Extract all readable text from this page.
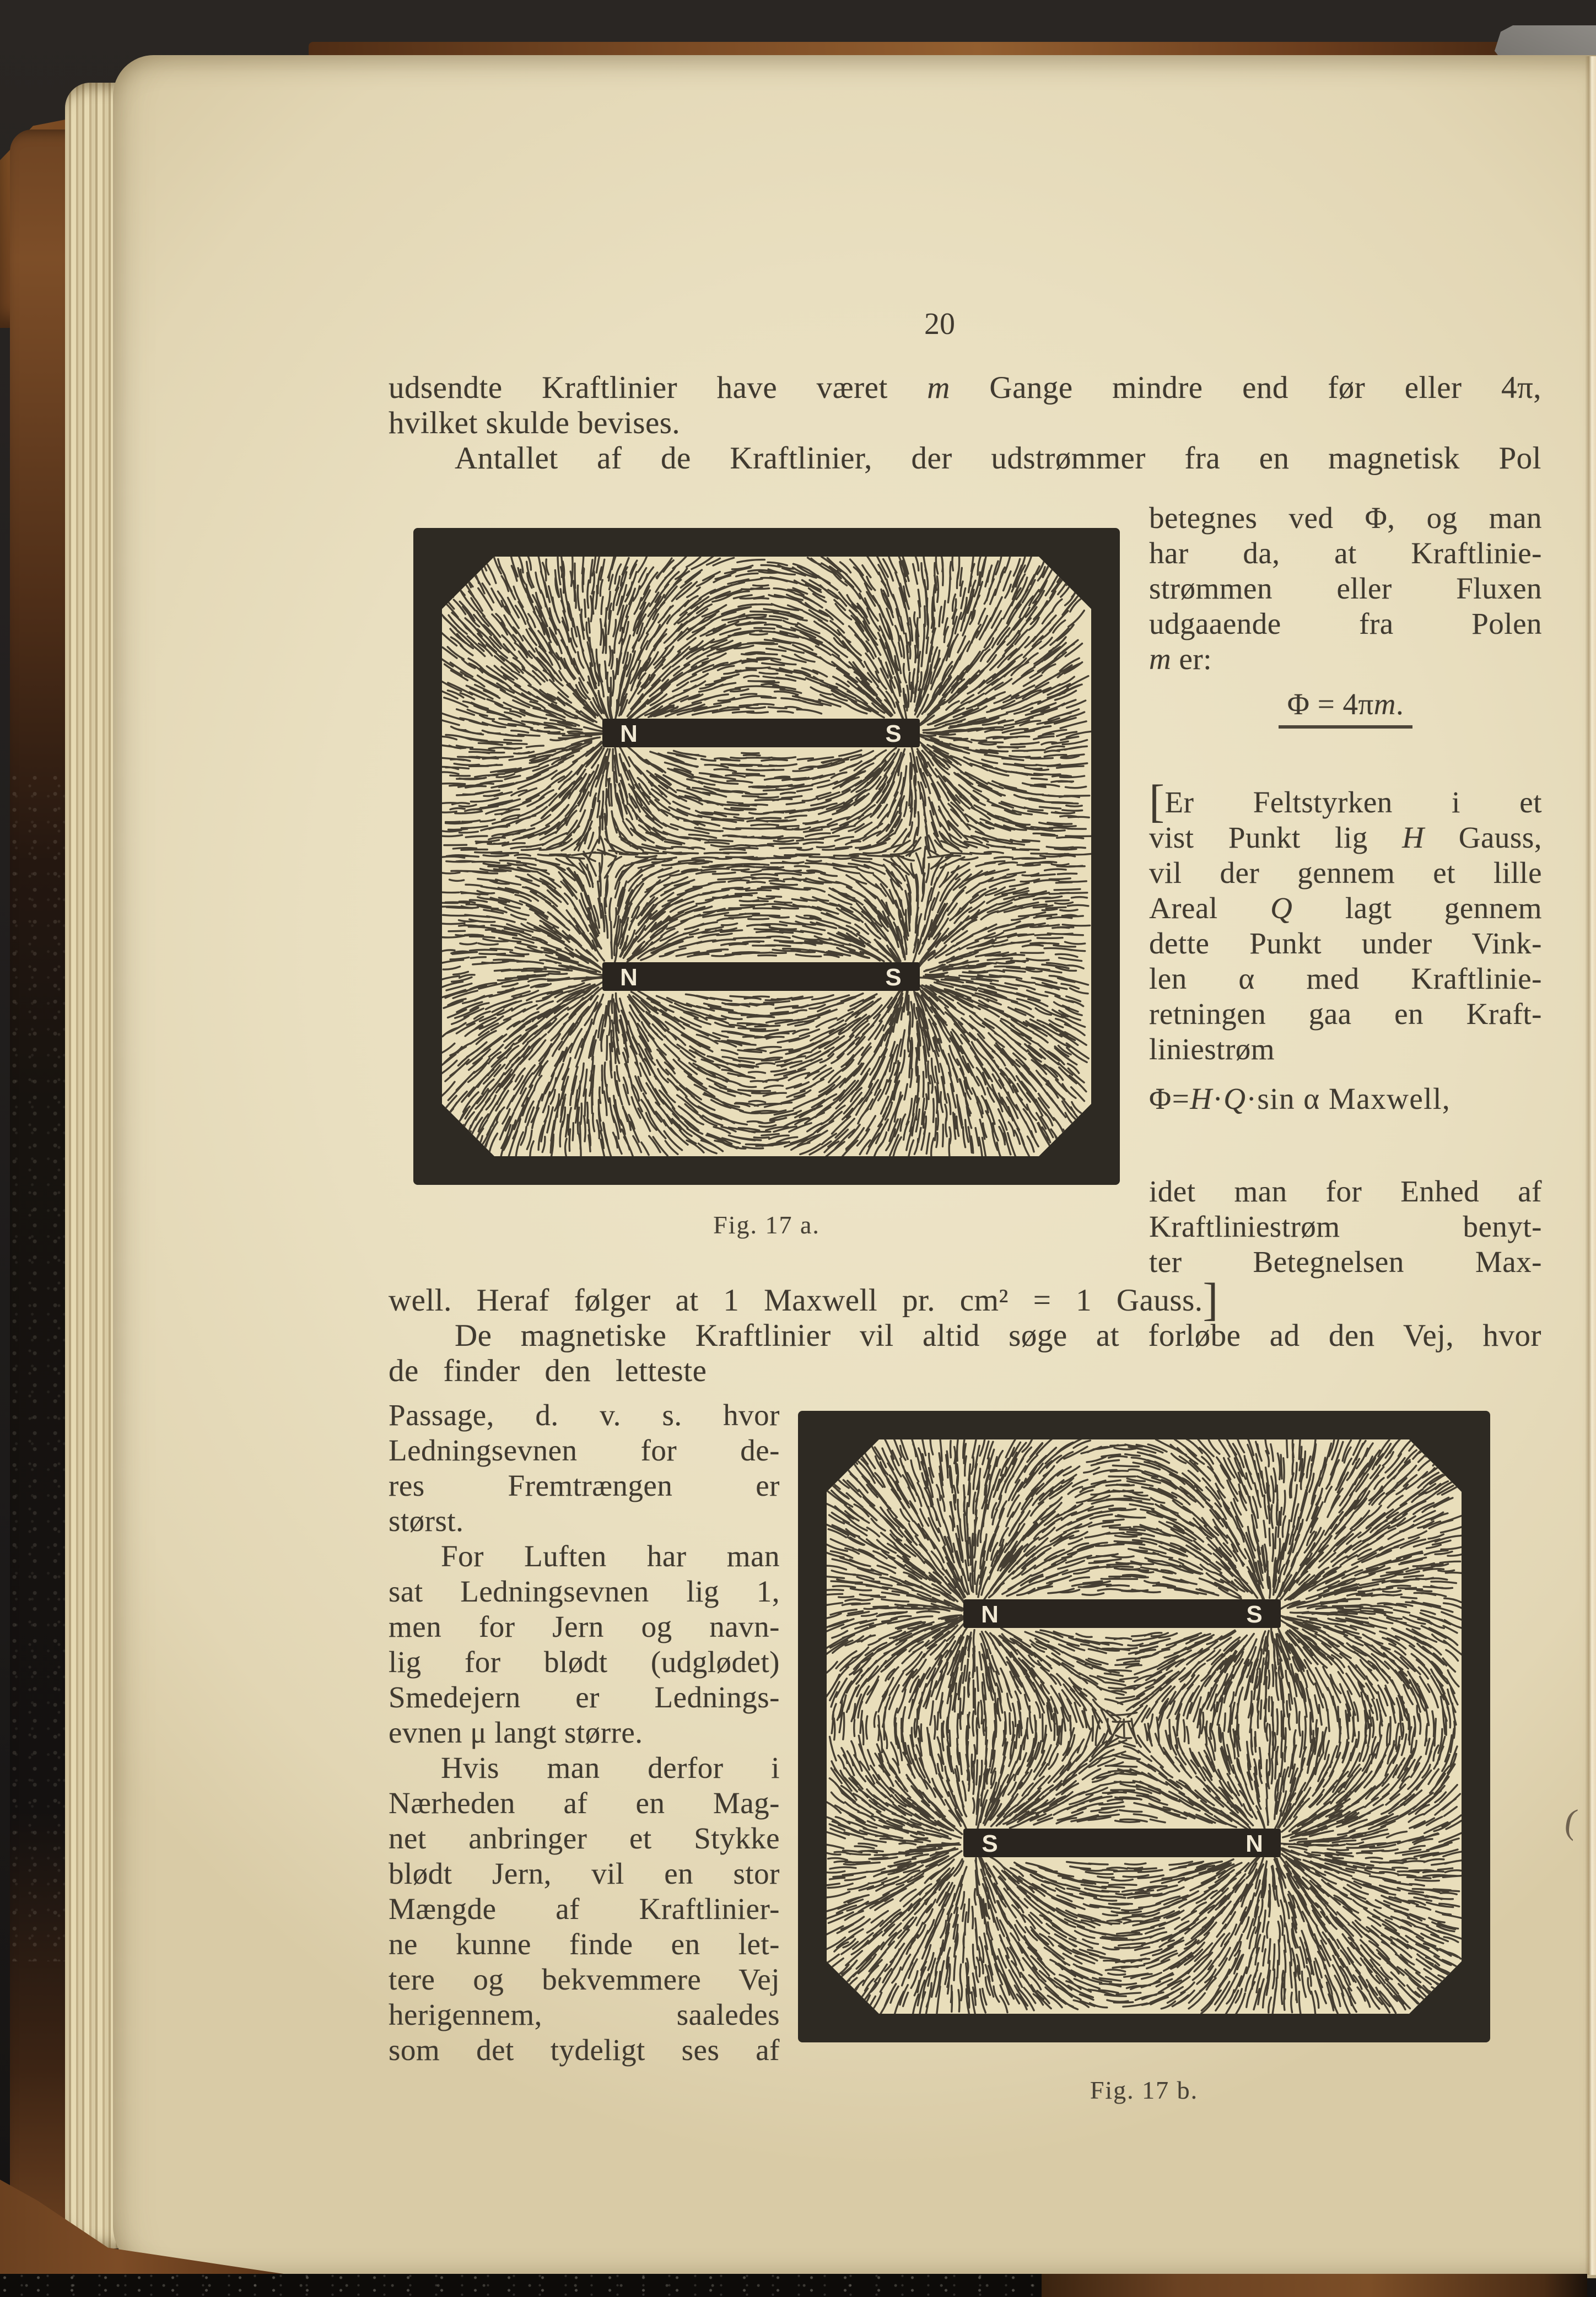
20
udsendte Kraftlinier have været m Gange mindre end før eller 4π,
hvilket skulde bevises.
Antallet af de Kraftlinier, der udstrømmer fra en magnetisk Pol
betegnes ved Φ, og man
har da, at Kraftlinie-
strømmen eller Fluxen
udgaaende fra Polen
m er:
Φ = 4πm.
[Er Feltstyrken i et
vist Punkt lig H Gauss,
vil der gennem et lille
Areal Q lagt gennem
dette Punkt under Vink-
len α med Kraftlinie-
retningen gaa en Kraft-
liniestrøm
Φ=H·Q·sin α Maxwell,
idet man for Enhed af
Kraftliniestrøm benyt-
ter Betegnelsen Max-
well. Heraf følger at 1 Maxwell pr. cm² = 1 Gauss.]
De magnetiske Kraftlinier vil altid søge at forløbe ad den Vej, hvor
de finder den letteste
Passage, d. v. s. hvor
Ledningsevnen for de-
res Fremtrængen er
størst.
For Luften har man
sat Ledningsevnen lig 1,
men for Jern og navn-
lig for blødt (udglødet)
Smedejern er Lednings-
evnen μ langt større.
Hvis man derfor i
Nærheden af en Mag-
net anbringer et Stykke
blødt Jern, vil en stor
Mængde af Kraftlinier-
ne kunne finde en let-
tere og bekvemmere Vej
herigennem, saaledes
som det tydeligt ses af
N	S
N	S
Fig. 17 a.
N	S
S	N
Fig. 17 b.
(
